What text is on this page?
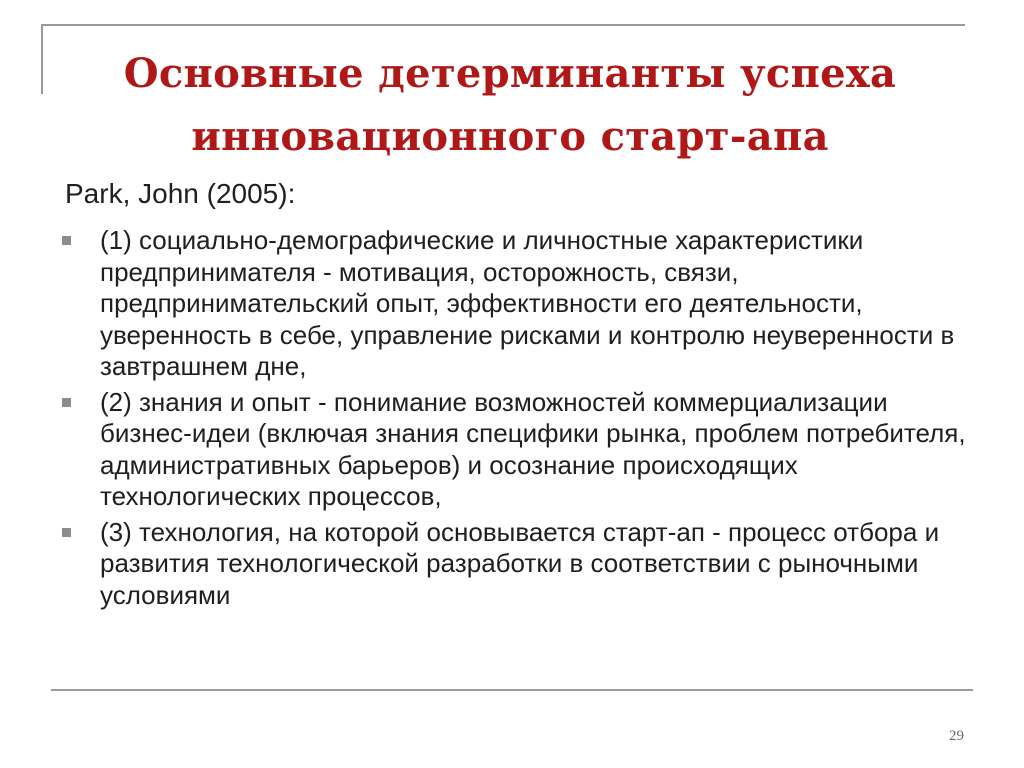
Основные детерминанты успеха
инновационного старт-апа

Park, John (2005):

(1) социально-демографические и личностные характеристики предпринимателя - мотивация, осторожность, связи, предпринимательский опыт, эффективности его деятельности, уверенность в себе, управление рисками и контролю неуверенности в завтрашнем дне,
(2) знания и опыт - понимание возможностей коммерциализации бизнес-идеи (включая знания специфики рынка, проблем потребителя, административных барьеров) и осознание происходящих технологических процессов,
(3) технология, на которой основывается старт-ап - процесс отбора и развития технологической разработки в соответствии с рыночными условиями

29
